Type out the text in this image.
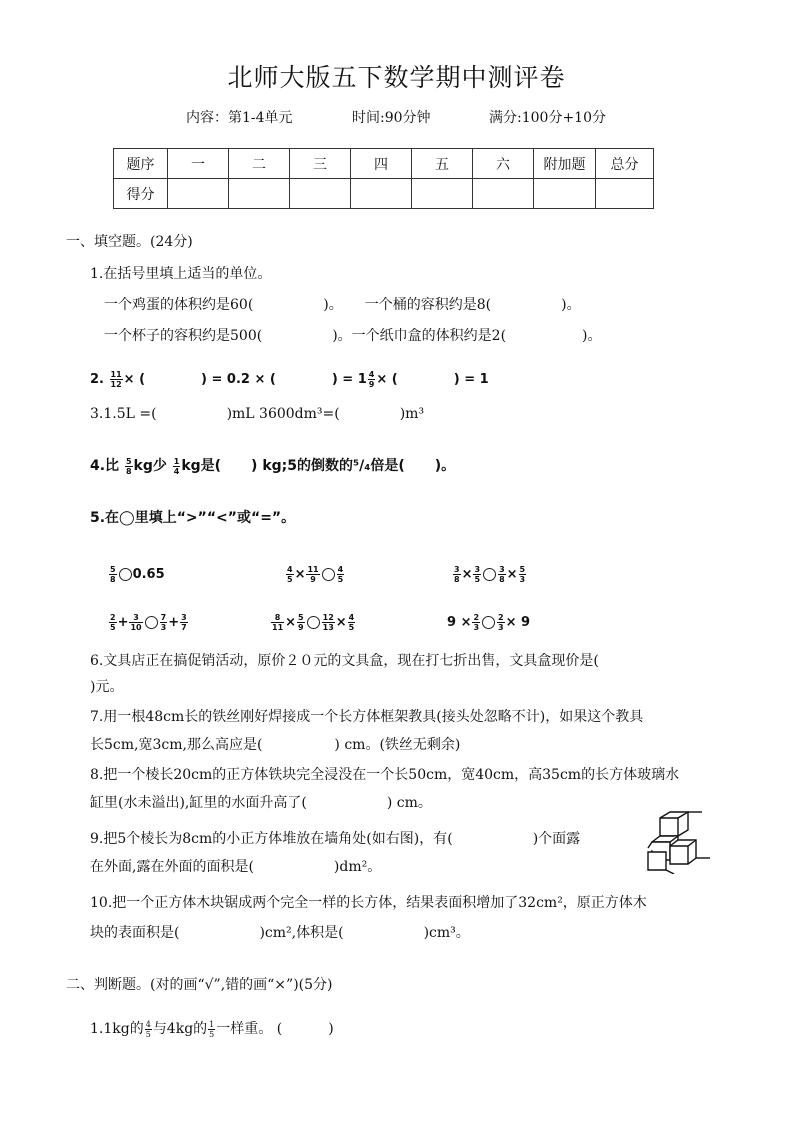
北师大版五下数学期中测评卷
内容：第1-4单元	时间:90分钟	满分:100分+10分
题序	一	二	三	四	五	六	附加题	总分
得分								
一、填空题。(24分)
1.在括号里填上适当的单位。
一个鸡蛋的体积约是60(	)。 一个桶的容积约是8(	)。
一个杯子的容积约是500(	)。一个纸巾盒的体积约是2(	)。
2. $\frac{11}{12}$ × (	) = 0.2 × (	) = $1 \frac{4}{9}$ × (	) = 1
3.1.5L =(	)mL 3600dm³=(	)m³
4.比 $\frac{5}{8}$ kg少 $\frac{1}{4}$ kg是( ) kg;5的倒数的⁵/₄倍是( )。
5.在◯里填上“>”“<”或“=”。
$\frac{5}{8} 0.65$	$\frac{4}{5} \times \frac{11}{9} \frac{4}{5}$	$\frac{3}{8} \times \frac{3}{5} \frac{3}{8} \times \frac{5}{3}$
$\frac{2}{5} + \frac{3}{10} \frac{7}{3} + \frac{3}{7}$	$\frac{8}{11} \times \frac{5}{9} \frac{12}{13} \times \frac{4}{5}$	$9 \times \frac{2}{3} \frac{2}{3} \times 9$
6.文具店正在搞促销活动，原价２０元的文具盒，现在打七折出售，文具盒现价是(
)元。
7.用一根48cm长的铁丝刚好焊接成一个长方体框架教具(接头处忽略不计)，如果这个教具
长5cm,宽3cm,那么高应是(	) cm。(铁丝无剩余)
8.把一个棱长20cm的正方体铁块完全浸没在一个长50cm，宽40cm，高35cm的长方体玻璃水
缸里(水未溢出),缸里的水面升高了(	) cm。
9.把5个棱长为8cm的小正方体堆放在墙角处(如右图)，有(	)个面露
在外面,露在外面的面积是(	)dm²。
10.把一个正方体木块锯成两个完全一样的长方体，结果表面积增加了32cm²，原正方体木
块的表面积是(	)cm²,体积是(	)cm³。
二、判断题。(对的画“√”,错的画“×”)(5分)
1.1kg的 $\frac{4}{5}$ 与4kg的 $\frac{1}{5}$ 一样重。 (	)
